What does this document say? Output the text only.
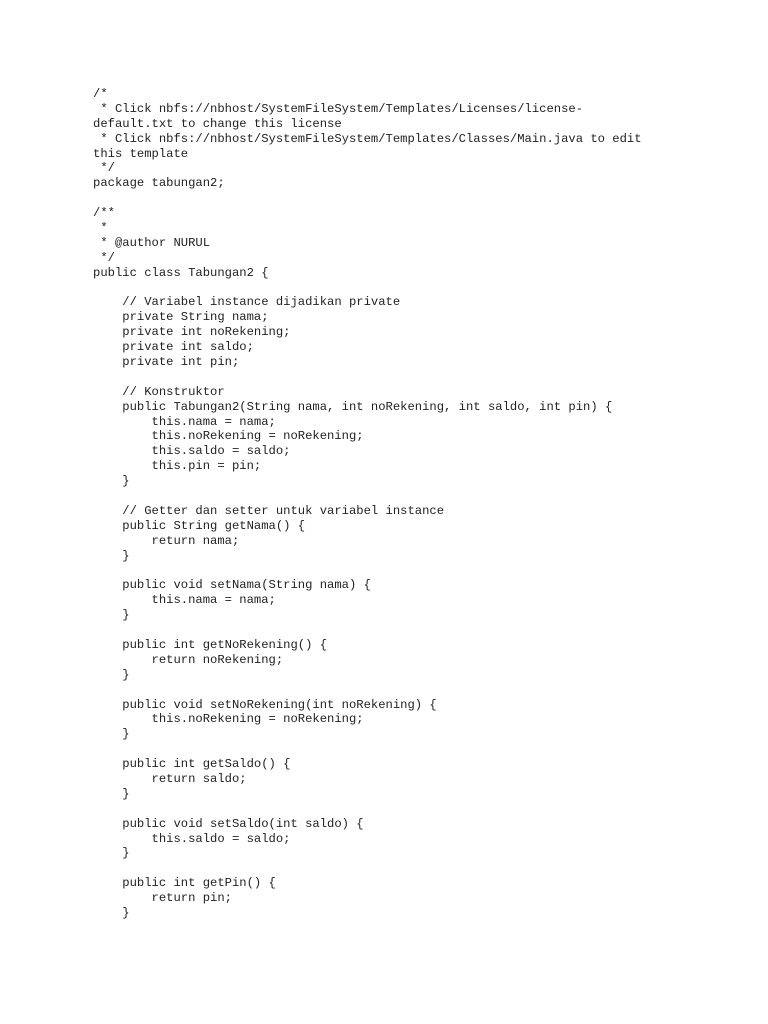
/*
* Click nbfs://nbhost/SystemFileSystem/Templates/Licenses/license-
default.txt to change this license
* Click nbfs://nbhost/SystemFileSystem/Templates/Classes/Main.java to edit
this template
*/
package tabungan2;
/**
*
* @author NURUL
*/
public class Tabungan2 {
// Variabel instance dijadikan private
private String nama;
private int noRekening;
private int saldo;
private int pin;
// Konstruktor
public Tabungan2(String nama, int noRekening, int saldo, int pin) {
this.nama = nama;
this.noRekening = noRekening;
this.saldo = saldo;
this.pin = pin;
}
// Getter dan setter untuk variabel instance
public String getNama() {
return nama;
}
public void setNama(String nama) {
this.nama = nama;
}
public int getNoRekening() {
return noRekening;
}
public void setNoRekening(int noRekening) {
this.noRekening = noRekening;
}
public int getSaldo() {
return saldo;
}
public void setSaldo(int saldo) {
this.saldo = saldo;
}
public int getPin() {
return pin;
}
